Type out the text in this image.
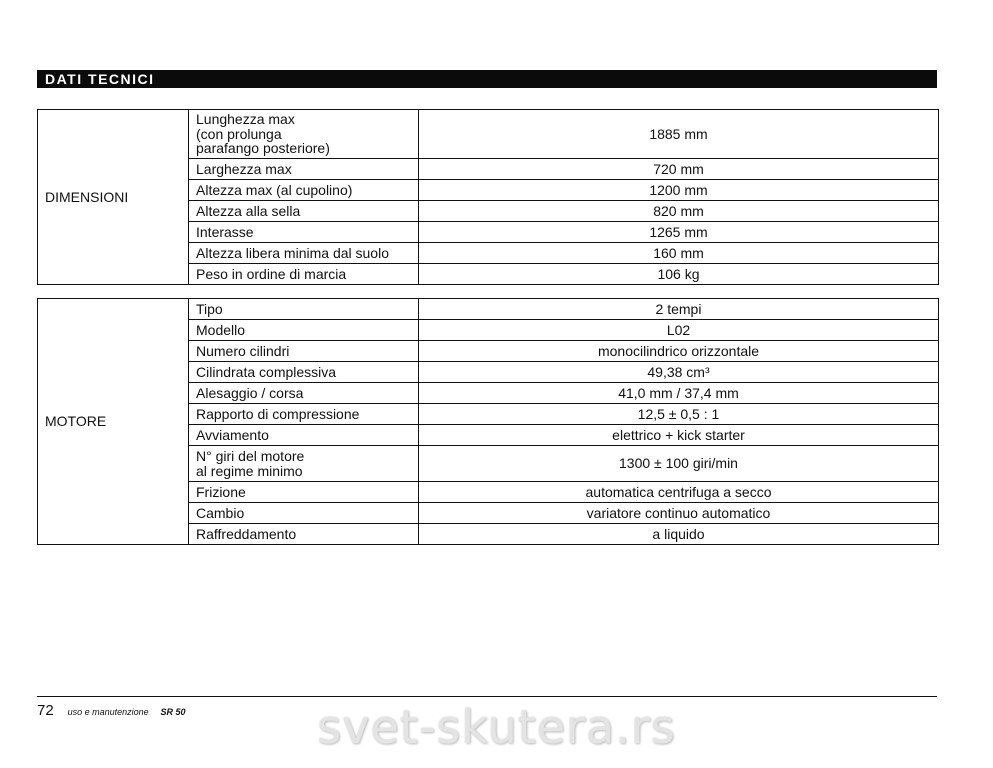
DATI TECNICI
DIMENSIONI	Lunghezza max
(con prolunga
parafango posteriore)	1885 mm
	Larghezza max	720 mm
	Altezza max (al cupolino)	1200 mm
	Altezza alla sella	820 mm
	Interasse	1265 mm
	Altezza libera minima dal suolo	160 mm
	Peso in ordine di marcia	106 kg
MOTORE	Tipo	2 tempi
	Modello	L02
	Numero cilindri	monocilindrico orizzontale
	Cilindrata complessiva	49,38 cm³
	Alesaggio / corsa	41,0 mm / 37,4 mm
	Rapporto di compressione	12,5 ± 0,5 : 1
	Avviamento	elettrico + kick starter
	N° giri del motore
al regime minimo	1300 ± 100 giri/min
	Frizione	automatica centrifuga a secco
	Cambio	variatore continuo automatico
	Raffreddamento	a liquido
72 uso e manutenzione SR 50	svet-skutera.rs
